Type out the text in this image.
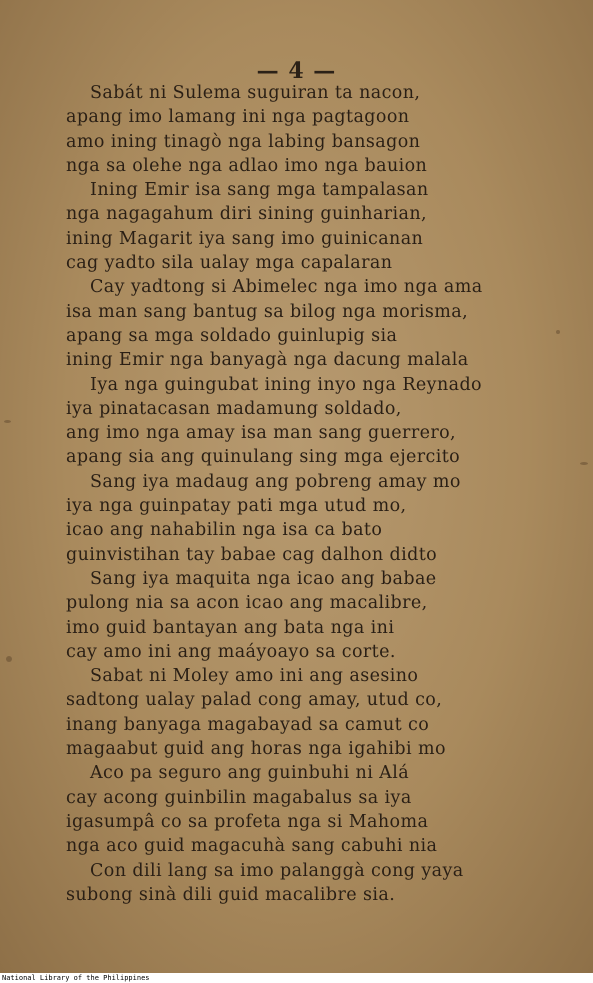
— 4 —
Sabát ni Sulema suguiran ta nacon,
apang imo lamang ini nga pagtagoon
amo ining tinagò nga labing bansagon
nga sa olehe nga adlao imo nga bauion
Ining Emir isa sang mga tampalasan
nga nagagahum diri sining guinharian,
ining Magarit iya sang imo guinicanan
cag yadto sila ualay mga capalaran
Cay yadtong si Abimelec nga imo nga ama
isa man sang bantug sa bilog nga morisma,
apang sa mga soldado guinlupig sia
ining Emir nga banyagà nga dacung malala
Iya nga guingubat ining inyo nga Reynado
iya pinatacasan madamung soldado,
ang imo nga amay isa man sang guerrero,
apang sia ang quinulang sing mga ejercito
Sang iya madaug ang pobreng amay mo
iya nga guinpatay pati mga utud mo,
icao ang nahabilin nga isa ca bato
guinvistihan tay babae cag dalhon didto
Sang iya maquita nga icao ang babae
pulong nia sa acon icao ang macalibre,
imo guid bantayan ang bata nga ini
cay amo ini ang maáyoayo sa corte.
Sabat ni Moley amo ini ang asesino
sadtong ualay palad cong amay, utud co,
inang banyaga magabayad sa camut co
magaabut guid ang horas nga igahibi mo
Aco pa seguro ang guinbuhi ni Alá
cay acong guinbilin magabalus sa iya
igasumpâ co sa profeta nga si Mahoma
nga aco guid magacuhà sang cabuhi nia
Con dili lang sa imo palanggà cong yaya
subong sinà dili guid macalibre sia.
National Library of the Philippines
